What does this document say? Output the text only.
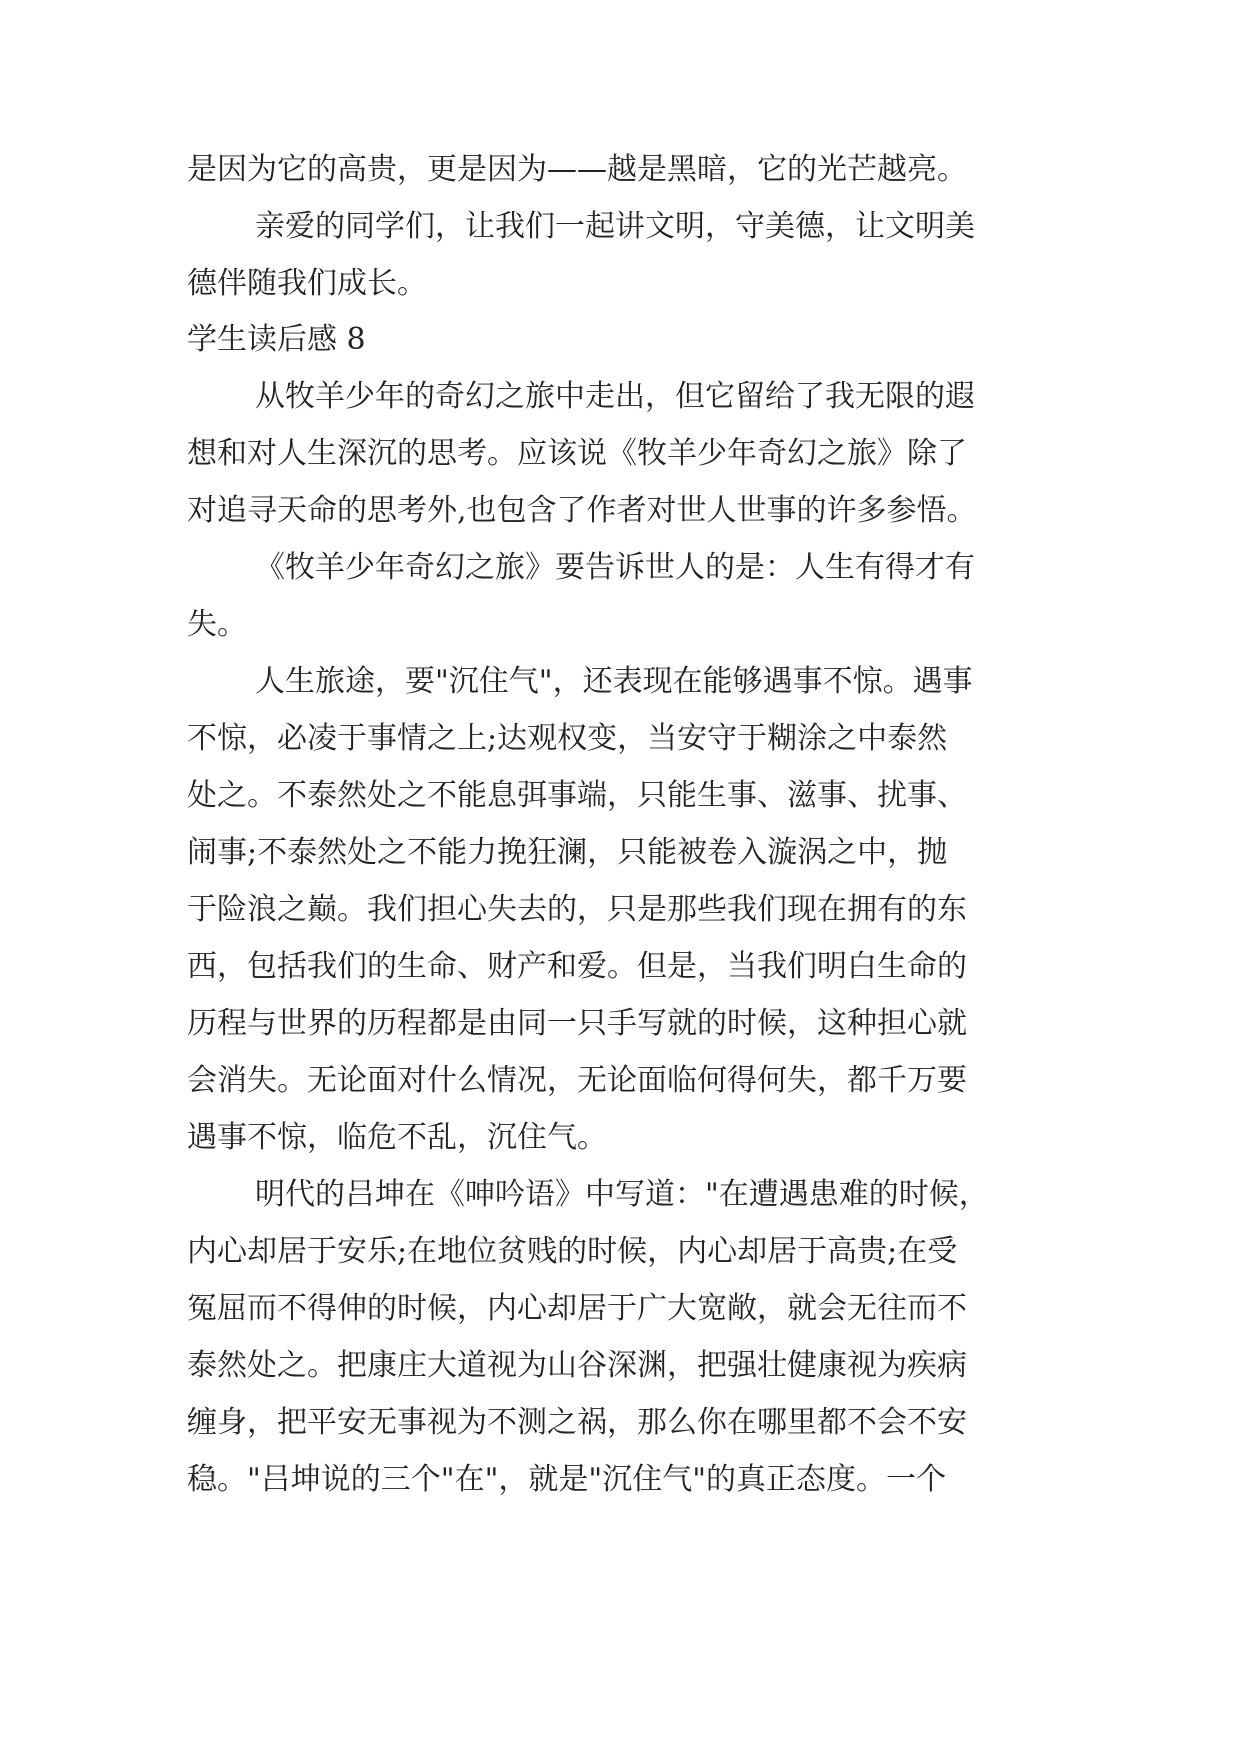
是因为它的高贵，更是因为——越是黑暗，它的光芒越亮。
亲爱的同学们，让我们一起讲文明，守美德，让文明美
德伴随我们成长。
学生读后感 8
从牧羊少年的奇幻之旅中走出，但它留给了我无限的遐
想和对人生深沉的思考。应该说《牧羊少年奇幻之旅》除了
对追寻天命的思考外,也包含了作者对世人世事的许多参悟。
《牧羊少年奇幻之旅》要告诉世人的是：人生有得才有
失。
人生旅途，要"沉住气"，还表现在能够遇事不惊。遇事
不惊，必凌于事情之上;达观权变，当安守于糊涂之中泰然
处之。不泰然处之不能息弭事端，只能生事、滋事、扰事、
闹事;不泰然处之不能力挽狂澜，只能被卷入漩涡之中，抛
于险浪之巅。我们担心失去的，只是那些我们现在拥有的东
西，包括我们的生命、财产和爱。但是，当我们明白生命的
历程与世界的历程都是由同一只手写就的时候，这种担心就
会消失。无论面对什么情况，无论面临何得何失，都千万要
遇事不惊，临危不乱，沉住气。
明代的吕坤在《呻吟语》中写道："在遭遇患难的时候，
内心却居于安乐;在地位贫贱的时候，内心却居于高贵;在受
冤屈而不得伸的时候，内心却居于广大宽敞，就会无往而不
泰然处之。把康庄大道视为山谷深渊，把强壮健康视为疾病
缠身，把平安无事视为不测之祸，那么你在哪里都不会不安
稳。"吕坤说的三个"在"，就是"沉住气"的真正态度。一个
